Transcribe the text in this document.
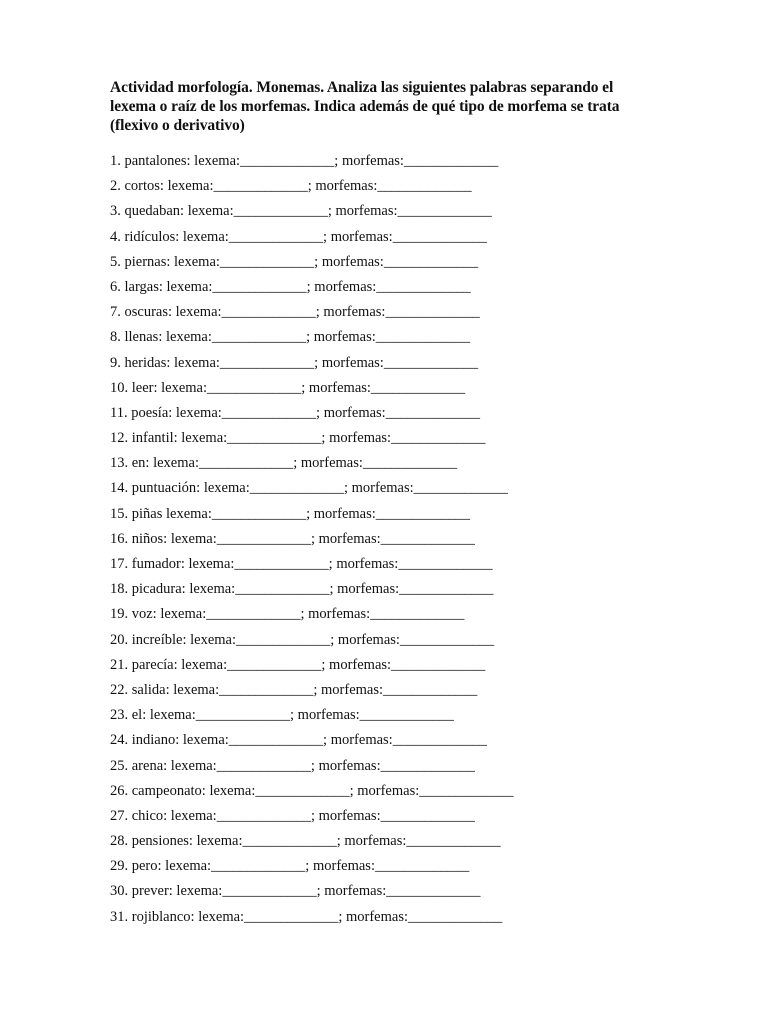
Actividad morfología. Monemas. Analiza las siguientes palabras separando el lexema o raíz de los morfemas. Indica además de qué tipo de morfema se trata (flexivo o derivativo)
1. pantalones: lexema:_____________; morfemas:_____________
2. cortos: lexema:_____________; morfemas:_____________
3. quedaban: lexema:_____________; morfemas:_____________
4. ridículos: lexema:_____________; morfemas:_____________
5. piernas: lexema:_____________; morfemas:_____________
6. largas: lexema:_____________; morfemas:_____________
7. oscuras: lexema:_____________; morfemas:_____________
8. llenas: lexema:_____________; morfemas:_____________
9. heridas: lexema:_____________; morfemas:_____________
10. leer: lexema:_____________; morfemas:_____________
11. poesía: lexema:_____________; morfemas:_____________
12. infantil: lexema:_____________; morfemas:_____________
13. en: lexema:_____________; morfemas:_____________
14. puntuación: lexema:_____________; morfemas:_____________
15. piñas lexema:_____________; morfemas:_____________
16. niños: lexema:_____________; morfemas:_____________
17. fumador: lexema:_____________; morfemas:_____________
18. picadura: lexema:_____________; morfemas:_____________
19. voz: lexema:_____________; morfemas:_____________
20. increíble: lexema:_____________; morfemas:_____________
21. parecía: lexema:_____________; morfemas:_____________
22. salida: lexema:_____________; morfemas:_____________
23. el: lexema:_____________; morfemas:_____________
24. indiano: lexema:_____________; morfemas:_____________
25. arena: lexema:_____________; morfemas:_____________
26. campeonato: lexema:_____________; morfemas:_____________
27. chico: lexema:_____________; morfemas:_____________
28. pensiones: lexema:_____________; morfemas:_____________
29. pero: lexema:_____________; morfemas:_____________
30. prever: lexema:_____________; morfemas:_____________
31. rojiblanco: lexema:_____________; morfemas:_____________
